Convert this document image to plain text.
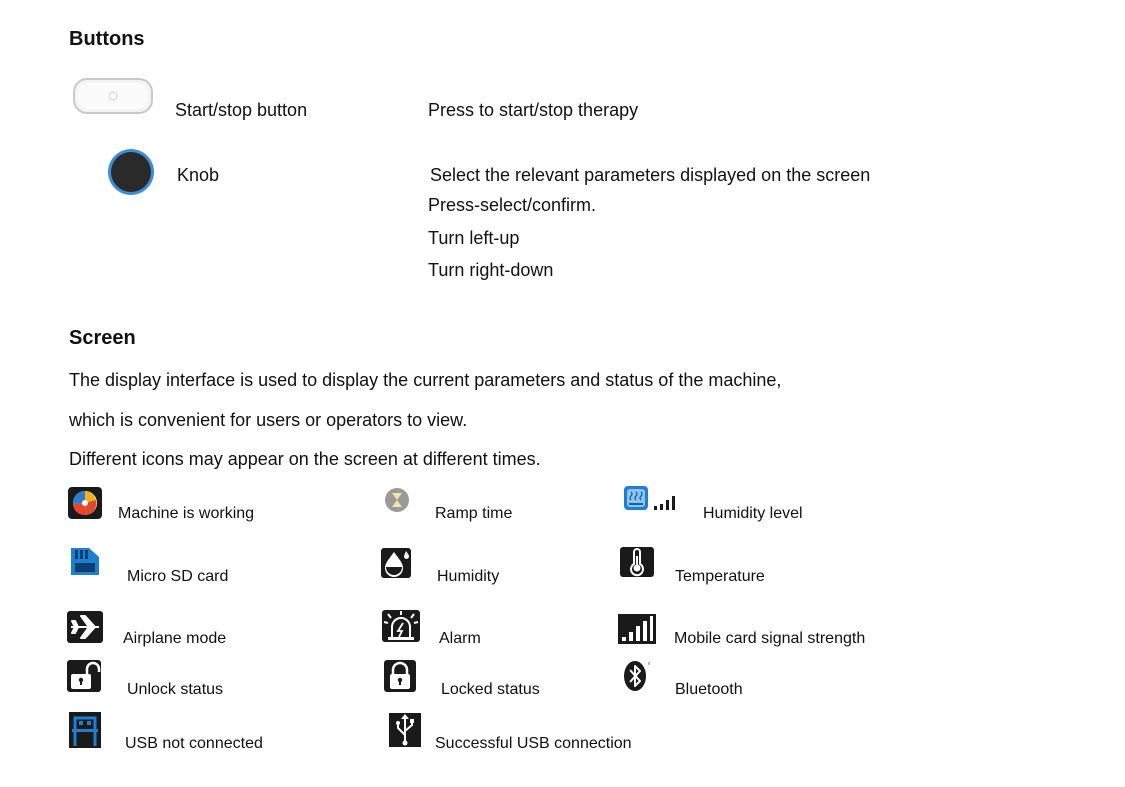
Buttons
Start/stop button	Press to start/stop therapy
Knob	Select the relevant parameters displayed on the screen
Press-select/confirm.
Turn left-up
Turn right-down
Screen
The display interface is used to display the current parameters and status of the machine,
which is convenient for users or operators to view.
Different icons may appear on the screen at different times.
Machine is working	Ramp time	Humidity level
Micro SD card	Humidity	Temperature
Airplane mode	Alarm	Mobile card signal strength
Unlock status	Locked status	Bluetooth
USB not connected	Successful USB connection
